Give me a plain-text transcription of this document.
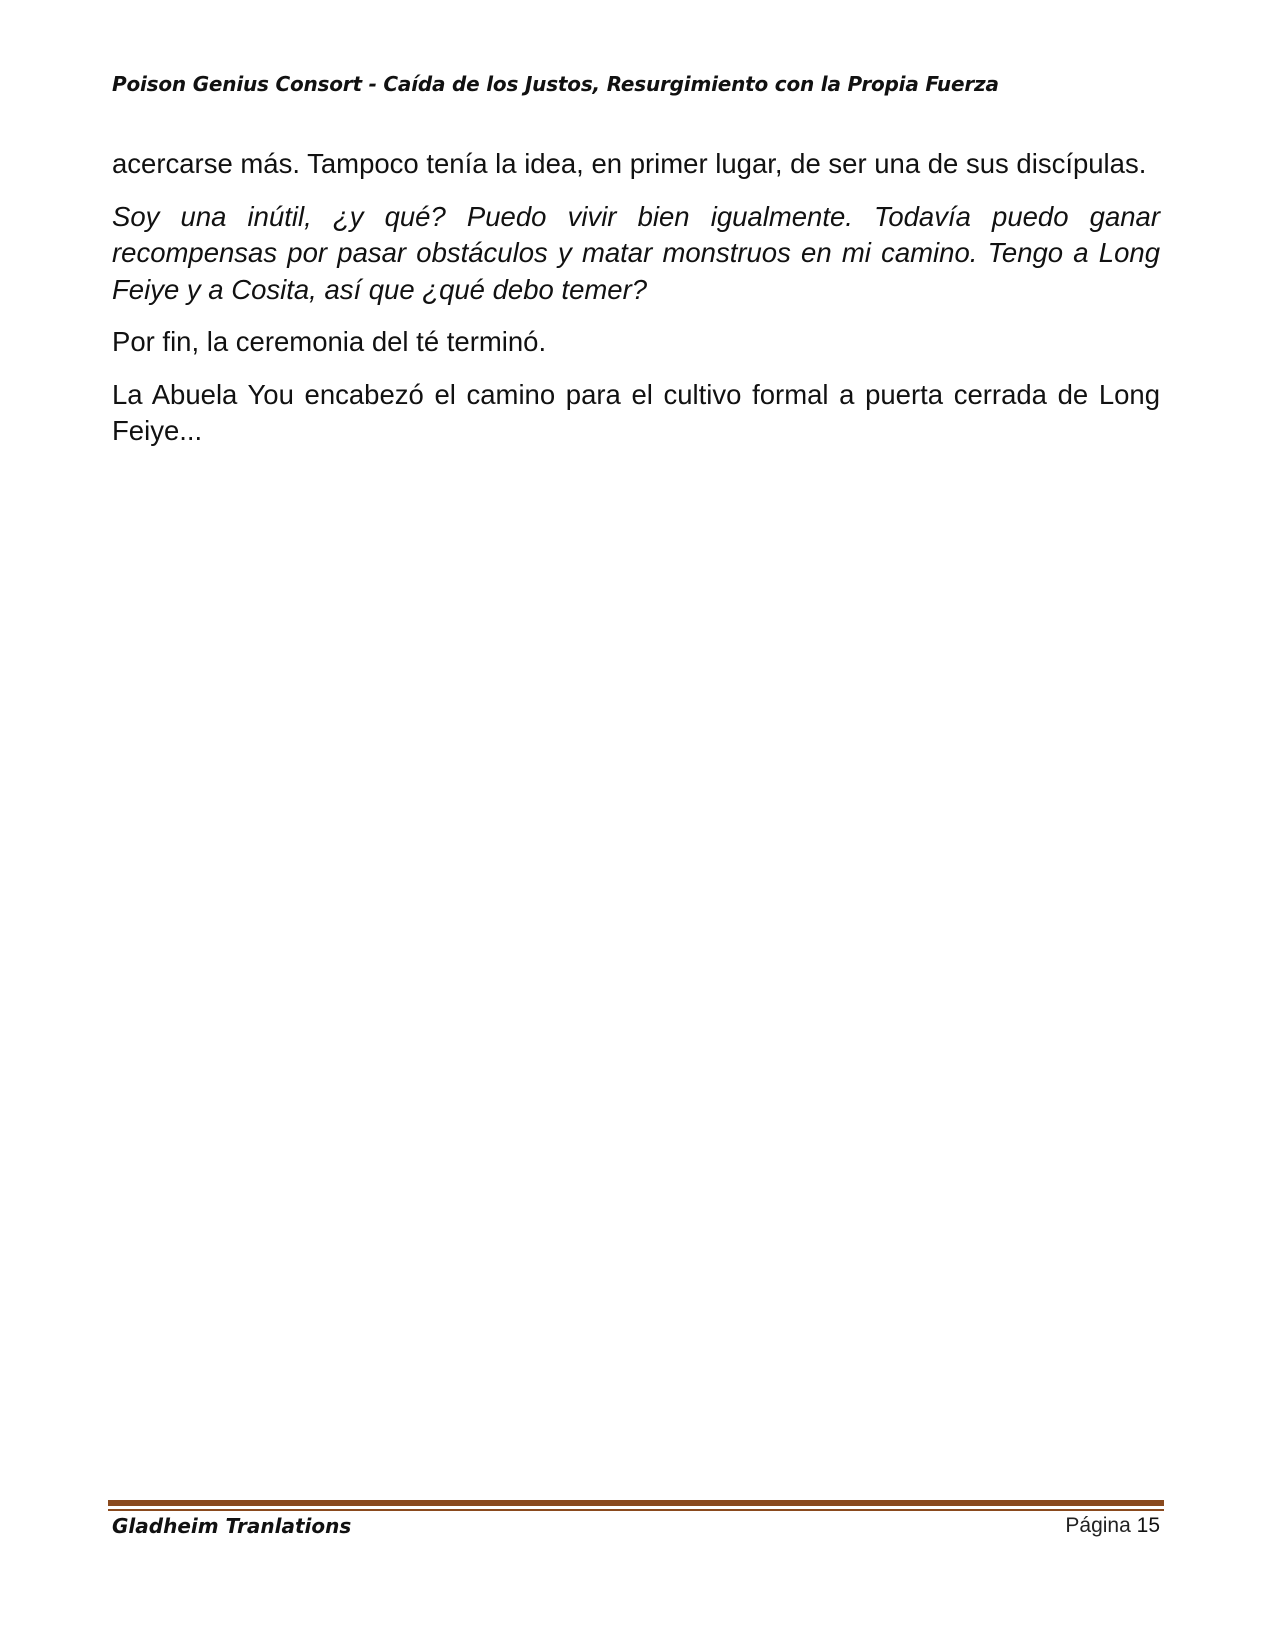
Poison Genius Consort - Caída de los Justos, Resurgimiento con la Propia Fuerza

acercarse más. Tampoco tenía la idea, en primer lugar, de ser una de sus discípulas.

Soy una inútil, ¿y qué? Puedo vivir bien igualmente. Todavía puedo ganar recompensas por pasar obstáculos y matar monstruos en mi camino. Tengo a Long Feiye y a Cosita, así que ¿qué debo temer?

Por fin, la ceremonia del té terminó.

La Abuela You encabezó el camino para el cultivo formal a puerta cerrada de Long Feiye...

Gladheim Tranlations	Página 15
